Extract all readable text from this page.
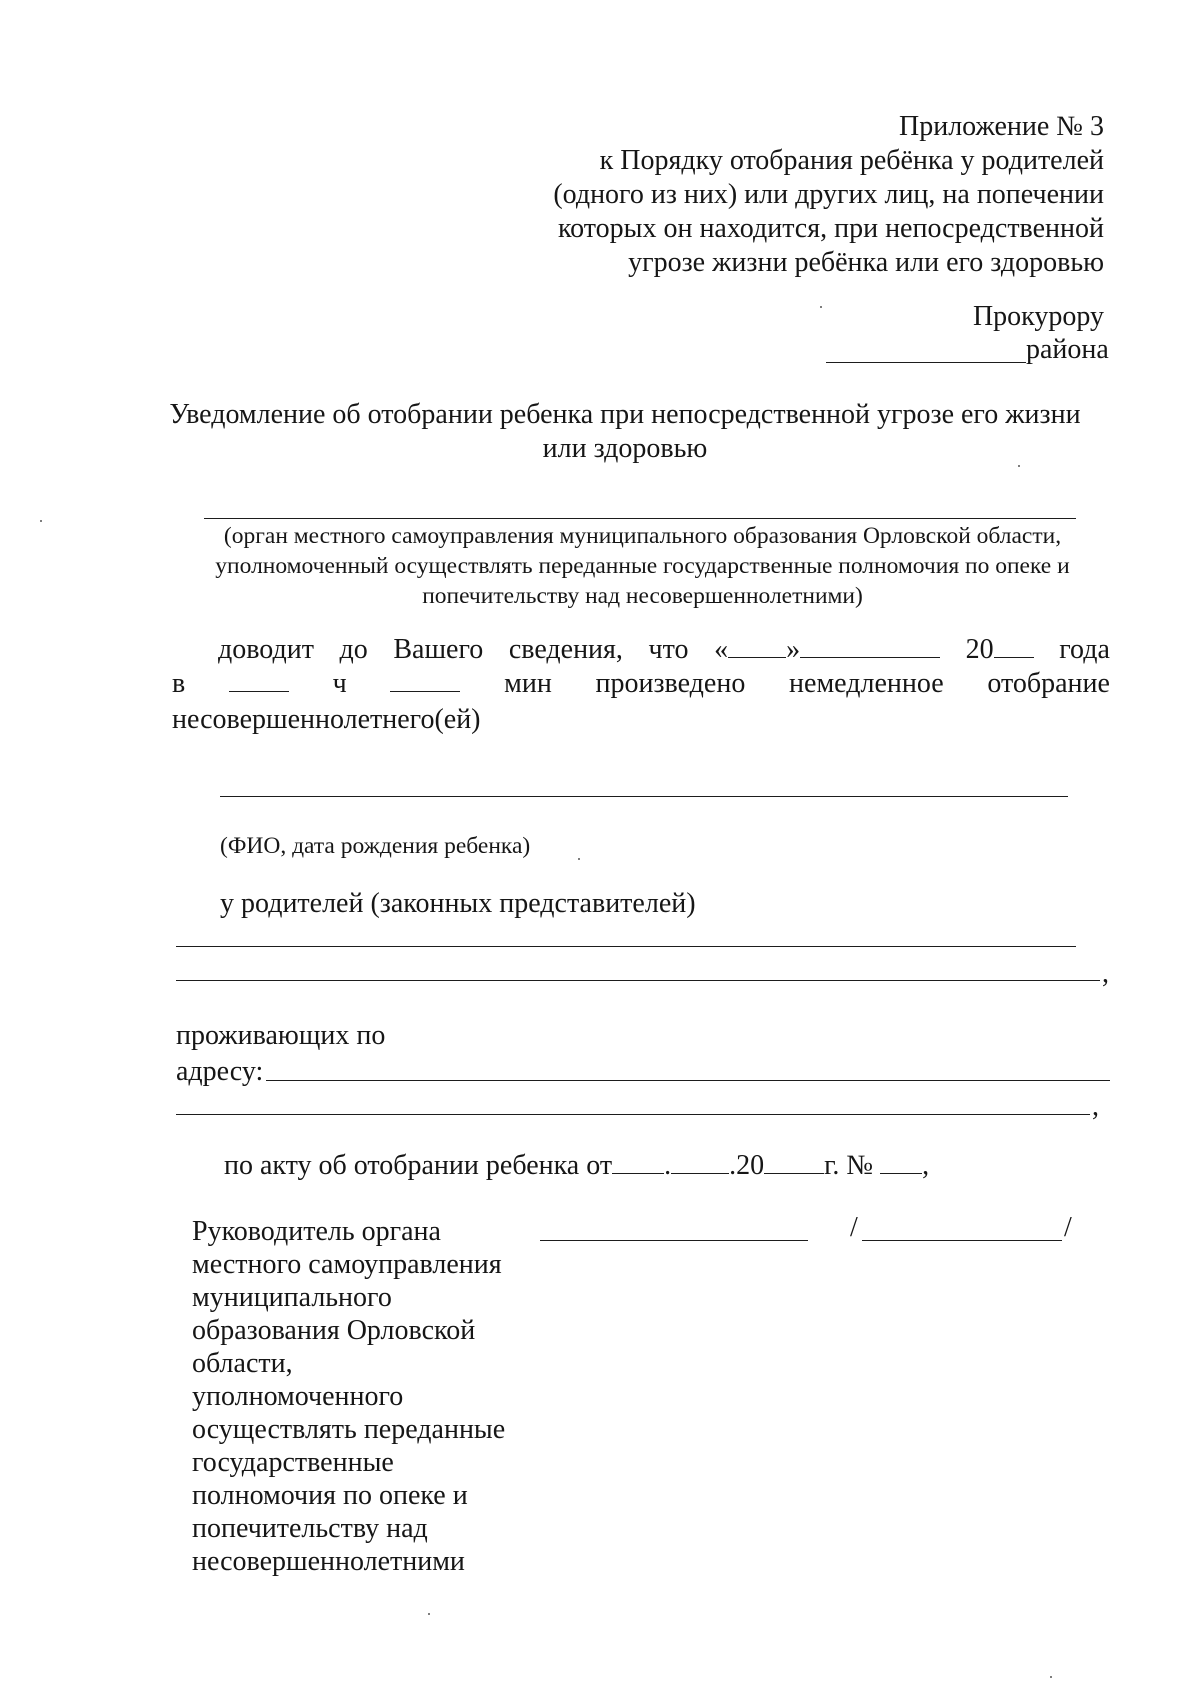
Приложение № 3
к Порядку отобрания ребёнка у родителей
(одного из них) или других лиц, на попечении
которых он находится, при непосредственной
угрозе жизни ребёнка или его здоровью
Прокурору
района
Уведомление об отобрании ребенка при непосредственной угрозе его жизни
или здоровью
(орган местного самоуправления муниципального образования Орловской области,
уполномоченный осуществлять переданные государственные полномочия по опеке и
попечительству над несовершеннолетними)
доводит до Вашего сведения, что « »	20	года
в	ч	мин произведено немедленное отобрание
несовершеннолетнего(ей)
(ФИО, дата рождения ребенка)
у родителей (законных представителей)
,
проживающих по
адресу:
,
по акту об отобрании ребенка от . .20 г. № ,
Руководитель органа
местного самоуправления
муниципального
образования Орловской
области,
уполномоченного
осуществлять переданные
государственные
полномочия по опеке и
попечительству над
несовершеннолетними
/	/
